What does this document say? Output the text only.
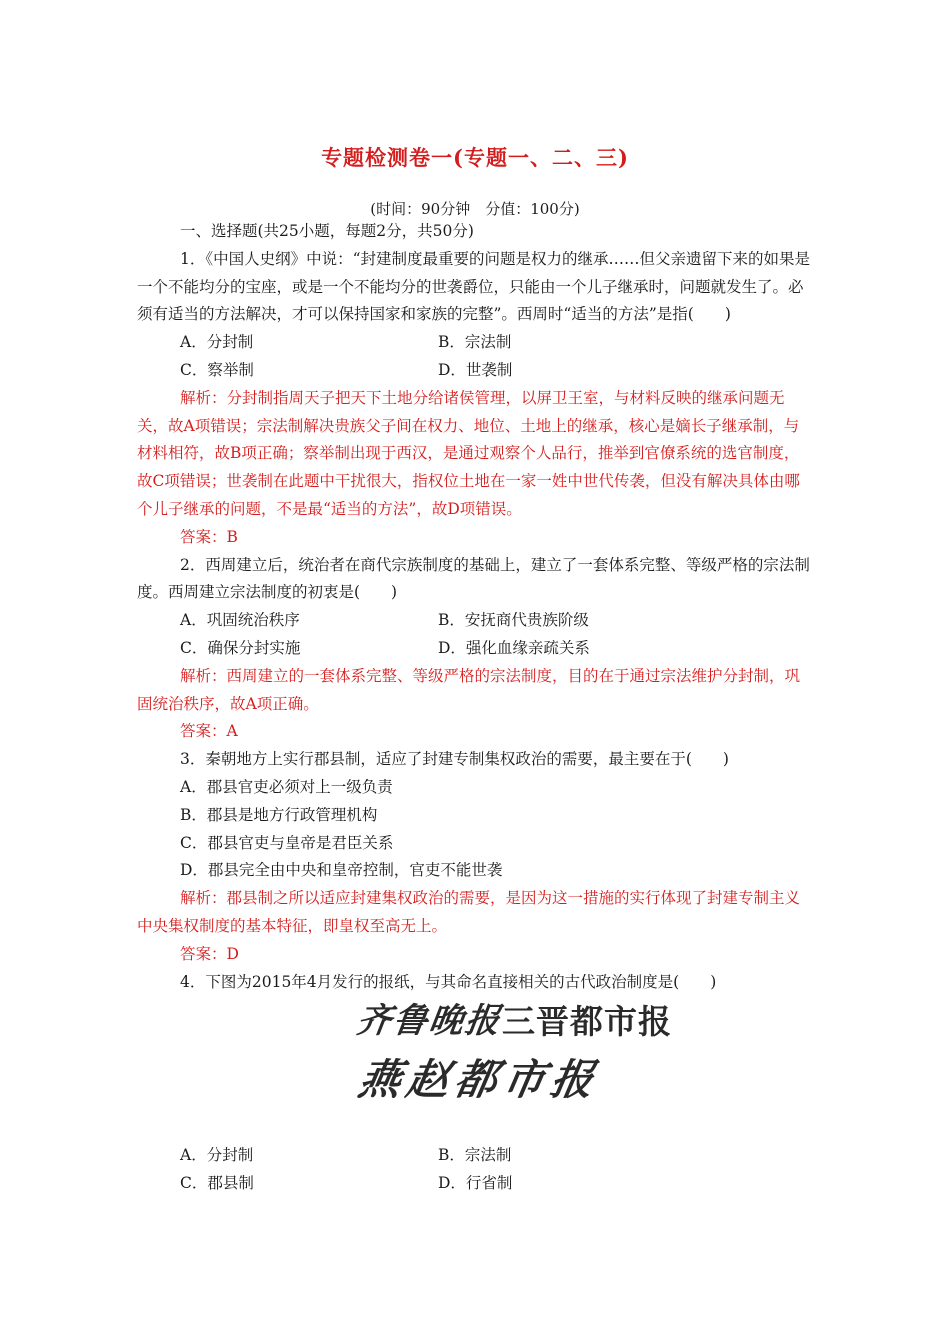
专题检测卷一(专题一、二、三)
(时间：90分钟　分值：100分)

一、选择题(共25小题，每题2分，共50分)

1．《中国人史纲》中说：“封建制度最重要的问题是权力的继承……但父亲遗留下来的如果是一个不能均分的宝座，或是一个不能均分的世袭爵位，只能由一个儿子继承时，问题就发生了。必须有适当的方法解决，才可以保持国家和家族的完整”。西周时“适当的方法”是指(　　)

A．分封制	B．宗法制
C．察举制	D．世袭制

解析：分封制指周天子把天下土地分给诸侯管理，以屏卫王室，与材料反映的继承问题无关，故A项错误；宗法制解决贵族父子间在权力、地位、土地上的继承，核心是嫡长子继承制，与材料相符，故B项正确；察举制出现于西汉，是通过观察个人品行，推举到官僚系统的选官制度，故C项错误；世袭制在此题中干扰很大，指权位土地在一家一姓中世代传袭，但没有解决具体由哪个儿子继承的问题，不是最“适当的方法”，故D项错误。

答案：B

2．西周建立后，统治者在商代宗族制度的基础上，建立了一套体系完整、等级严格的宗法制度。西周建立宗法制度的初衷是(　　)

A．巩固统治秩序	B．安抚商代贵族阶级
C．确保分封实施	D．强化血缘亲疏关系

解析：西周建立的一套体系完整、等级严格的宗法制度，目的在于通过宗法维护分封制，巩固统治秩序，故A项正确。

答案：A

3．秦朝地方上实行郡县制，适应了封建专制集权政治的需要，最主要在于(　　)

A．郡县官吏必须对上一级负责

B．郡县是地方行政管理机构

C．郡县官吏与皇帝是君臣关系

D．郡县完全由中央和皇帝控制，官吏不能世袭

解析：郡县制之所以适应封建集权政治的需要，是因为这一措施的实行体现了封建专制主义中央集权制度的基本特征，即皇权至高无上。

答案：D

4．下图为2015年4月发行的报纸，与其命名直接相关的古代政治制度是(　　)

齐鲁晚报
三晋都市报
燕赵都市报
A．分封制	B．宗法制
C．郡县制	D．行省制
